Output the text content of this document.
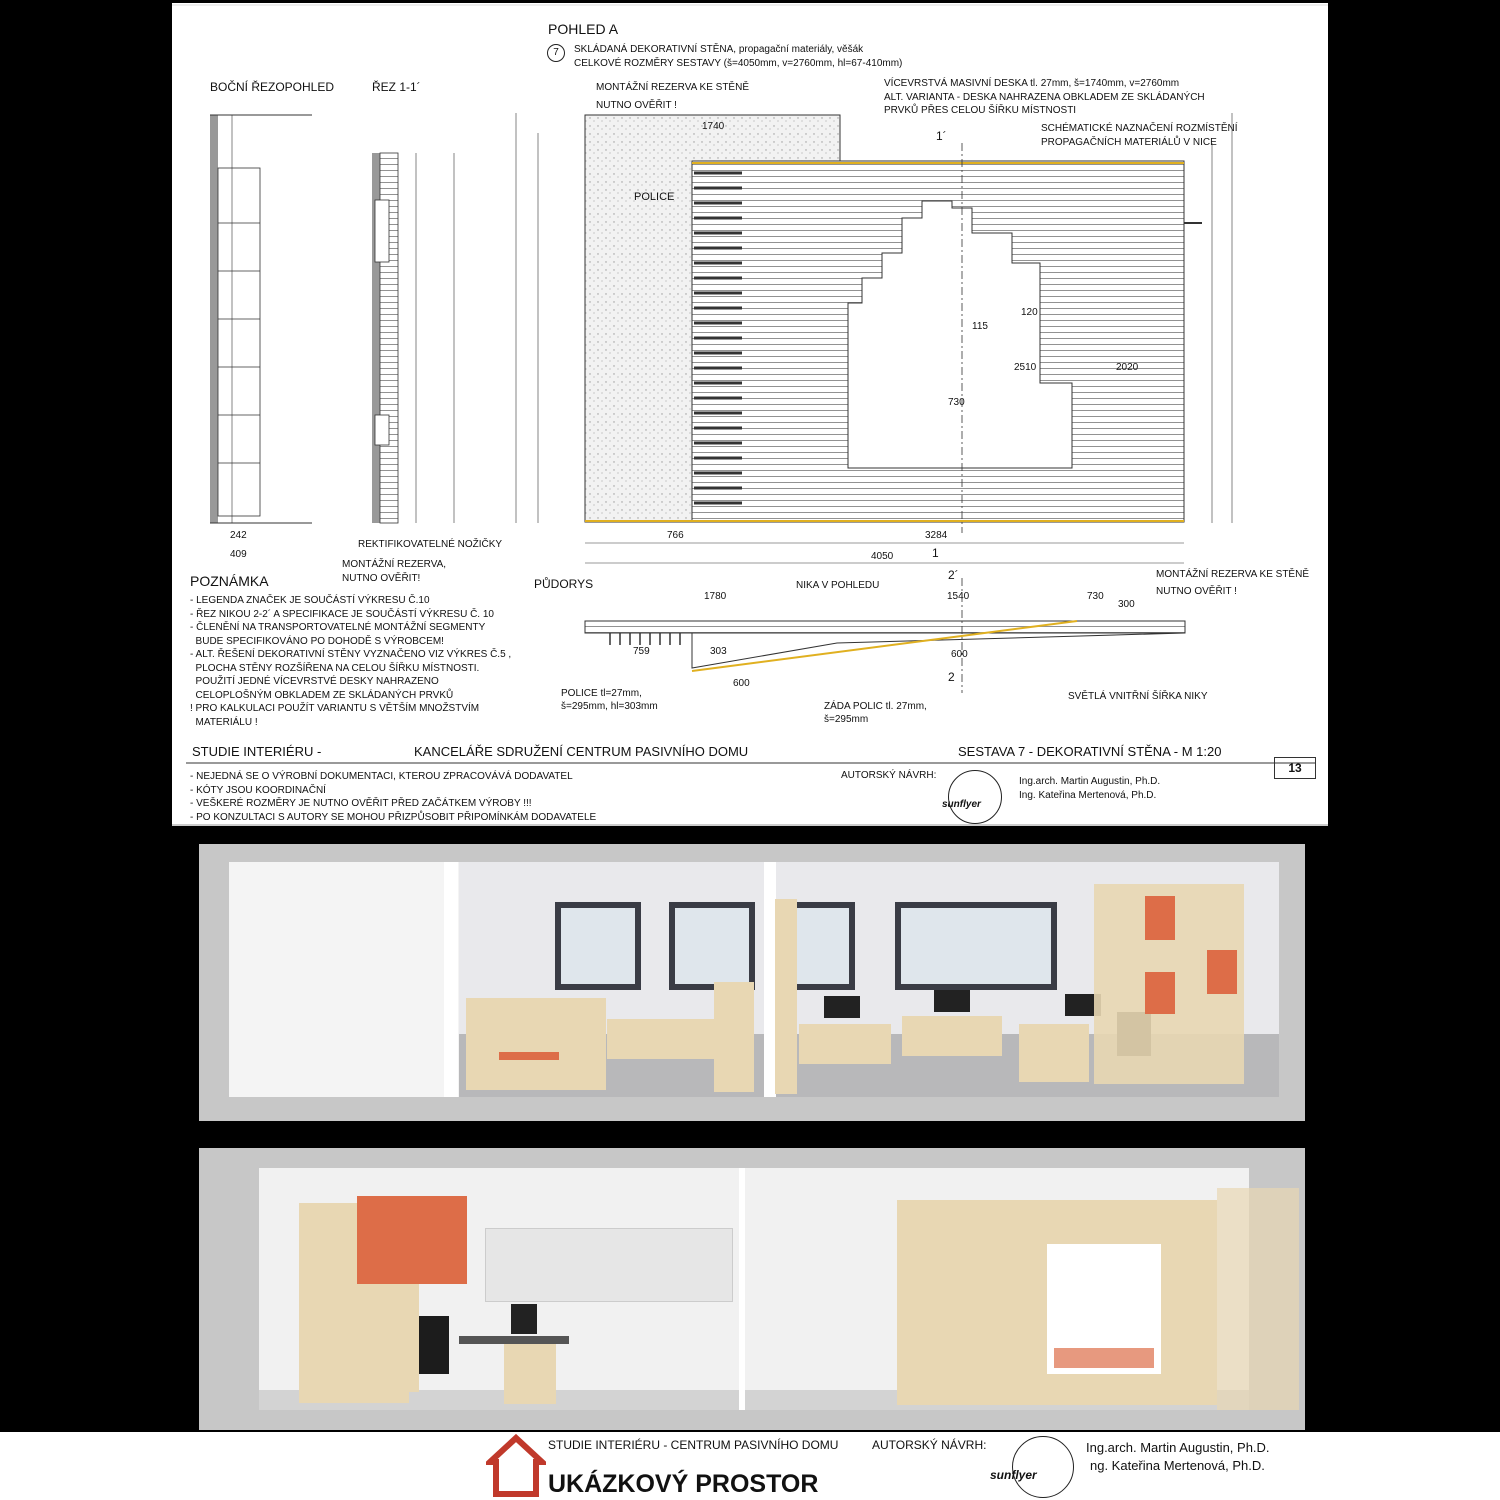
POHLED A
7	SKLÁDANÁ DEKORATIVNÍ STĚNA, propagační materiály, věšák
CELKOVÉ ROZMĚRY SESTAVY (š=4050mm, v=2760mm, hl=67-410mm)
BOČNÍ ŘEZOPOHLED	ŘEZ 1-1´	MONTÁŽNÍ REZERVA KE STĚNĚ
NUTNO OVĚŘIT !
VÍCEVRSTVÁ MASIVNÍ DESKA tl. 27mm, š=1740mm, v=2760mm
ALT. VARIANTA - DESKA NAHRAZENA OBKLADEM ZE SKLÁDANÝCH
PRVKŮ PŘES CELOU ŠÍŘKU MÍSTNOSTI
SCHÉMATICKÉ NAZNAČENÍ ROZMÍSTĚNÍ
PROPAGAČNÍCH MATERIÁLŮ V NICE
POLICE
REKTIFIKOVATELNÉ NOŽIČKY
MONTÁŽNÍ REZERVA,
NUTNO OVĚŘIT!
1740
766	3284
4050
2510	2020
730
120
115
242
409
1´
1
2´
2
PŮDORYS	NIKA V POHLEDU
MONTÁŽNÍ REZERVA KE STĚNĚ
NUTNO OVĚŘIT !
1780	1540	730
300
759	303
600
600
POLICE tl=27mm,
š=295mm, hl=303mm	ZÁDA POLIC tl. 27mm,
š=295mm
SVĚTLÁ VNITŘNÍ ŠÍŘKA NIKY
POZNÁMKA
- LEGENDA ZNAČEK JE SOUČÁSTÍ VÝKRESU Č.10
- ŘEZ NIKOU 2-2´ A SPECIFIKACE JE SOUČÁSTÍ VÝKRESU Č. 10
- ČLENĚNÍ NA TRANSPORTOVATELNÉ MONTÁŽNÍ SEGMENTY
BUDE SPECIFIKOVÁNO PO DOHODĚ S VÝROBCEM!
- ALT. ŘEŠENÍ DEKORATIVNÍ STĚNY VYZNAČENO VIZ VÝKRES Č.5 ,
PLOCHA STĚNY ROZŠÍŘENA NA CELOU ŠÍŘKU MÍSTNOSTI.
POUŽITÍ JEDNÉ VÍCEVRSTVÉ DESKY NAHRAZENO
CELOPLOŠNÝM OBKLADEM ZE SKLÁDANÝCH PRVKŮ
! PRO KALKULACI POUŽÍT VARIANTU S VĚTŠÍM MNOŽSTVÍM
MATERIÁLU !
STUDIE INTERIÉRU -	KANCELÁŘE SDRUŽENÍ CENTRUM PASIVNÍHO DOMU	SESTAVA 7 - DEKORATIVNÍ STĚNA - M 1:20
13
- NEJEDNÁ SE O VÝROBNÍ DOKUMENTACI, KTEROU ZPRACOVÁVÁ DODAVATEL
- KÓTY JSOU KOORDINAČNÍ
- VEŠKERÉ ROZMĚRY JE NUTNO OVĚŘIT PŘED ZAČÁTKEM VÝROBY !!!
- PO KONZULTACI S AUTORY SE MOHOU PŘIZPŮSOBIT PŘIPOMÍNKÁM DODAVATELE
AUTORSKÝ NÁVRH:
sunflyer
Ing.arch. Martin Augustin, Ph.D.
Ing. Kateřina Mertenová, Ph.D.
STUDIE INTERIÉRU - CENTRUM PASIVNÍHO DOMU	AUTORSKÝ NÁVRH:
UKÁZKOVÝ PROSTOR	sunflyer
Ing.arch. Martin Augustin, Ph.D.
ng. Kateřina Mertenová, Ph.D.
